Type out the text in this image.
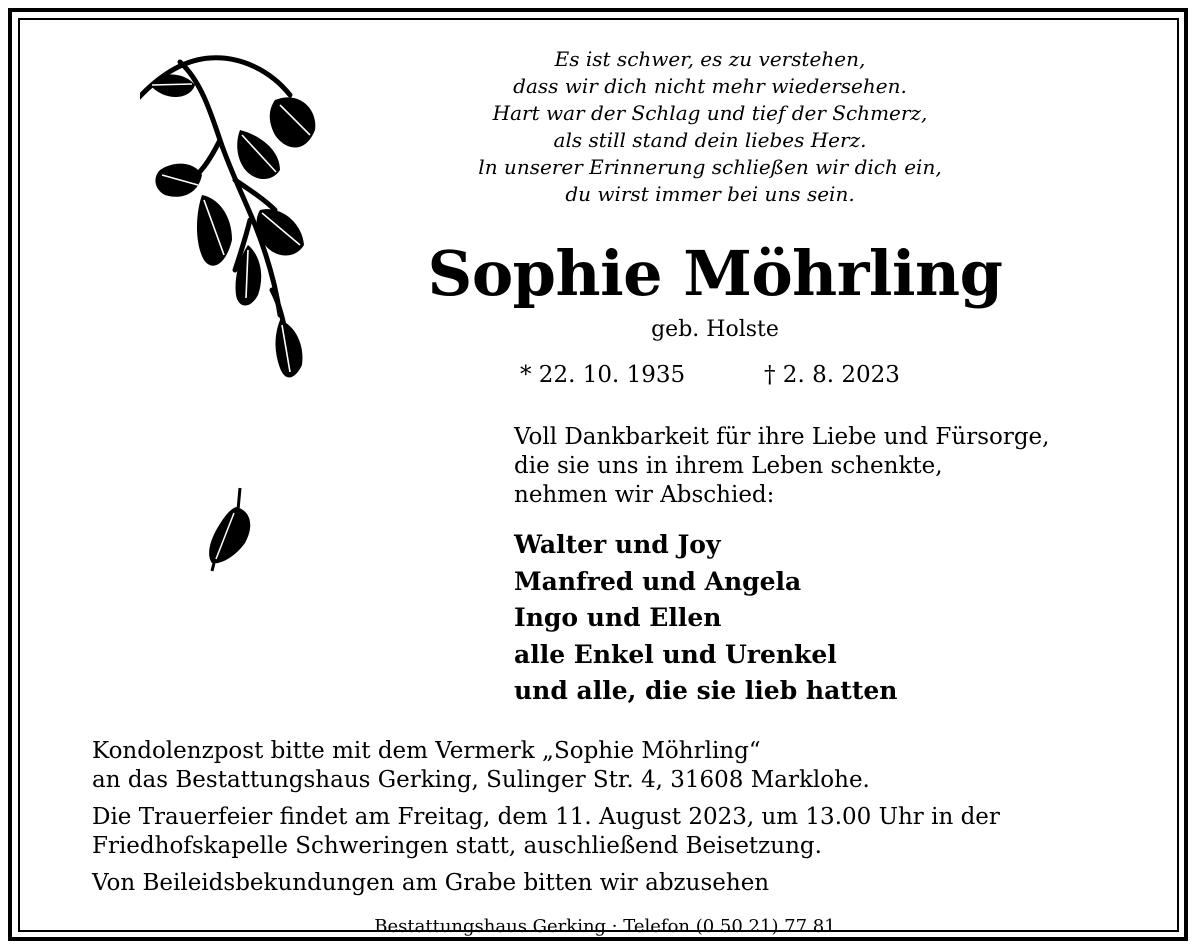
Es ist schwer, es zu verstehen,
dass wir dich nicht mehr wiedersehen.
Hart war der Schlag und tief der Schmerz,
als still stand dein liebes Herz.
ln unserer Erinnerung schließen wir dich ein,
du wirst immer bei uns sein.
Sophie Möhrling
geb. Holste
* 22. 10. 1935	† 2. 8. 2023
Voll Dankbarkeit für ihre Liebe und Fürsorge,
die sie uns in ihrem Leben schenkte,
nehmen wir Abschied:
Walter und Joy
Manfred und Angela
Ingo und Ellen
alle Enkel und Urenkel
und alle, die sie lieb hatten
Kondolenzpost bitte mit dem Vermerk „Sophie Möhrling“
an das Bestattungshaus Gerking, Sulinger Str. 4, 31608 Marklohe.
Die Trauerfeier findet am Freitag, dem 11. August 2023, um 13.00 Uhr in der
Friedhofskapelle Schweringen statt, auschließend Beisetzung.
Von Beileidsbekundungen am Grabe bitten wir abzusehen
Bestattungshaus Gerking · Telefon (0 50 21) 77 81
